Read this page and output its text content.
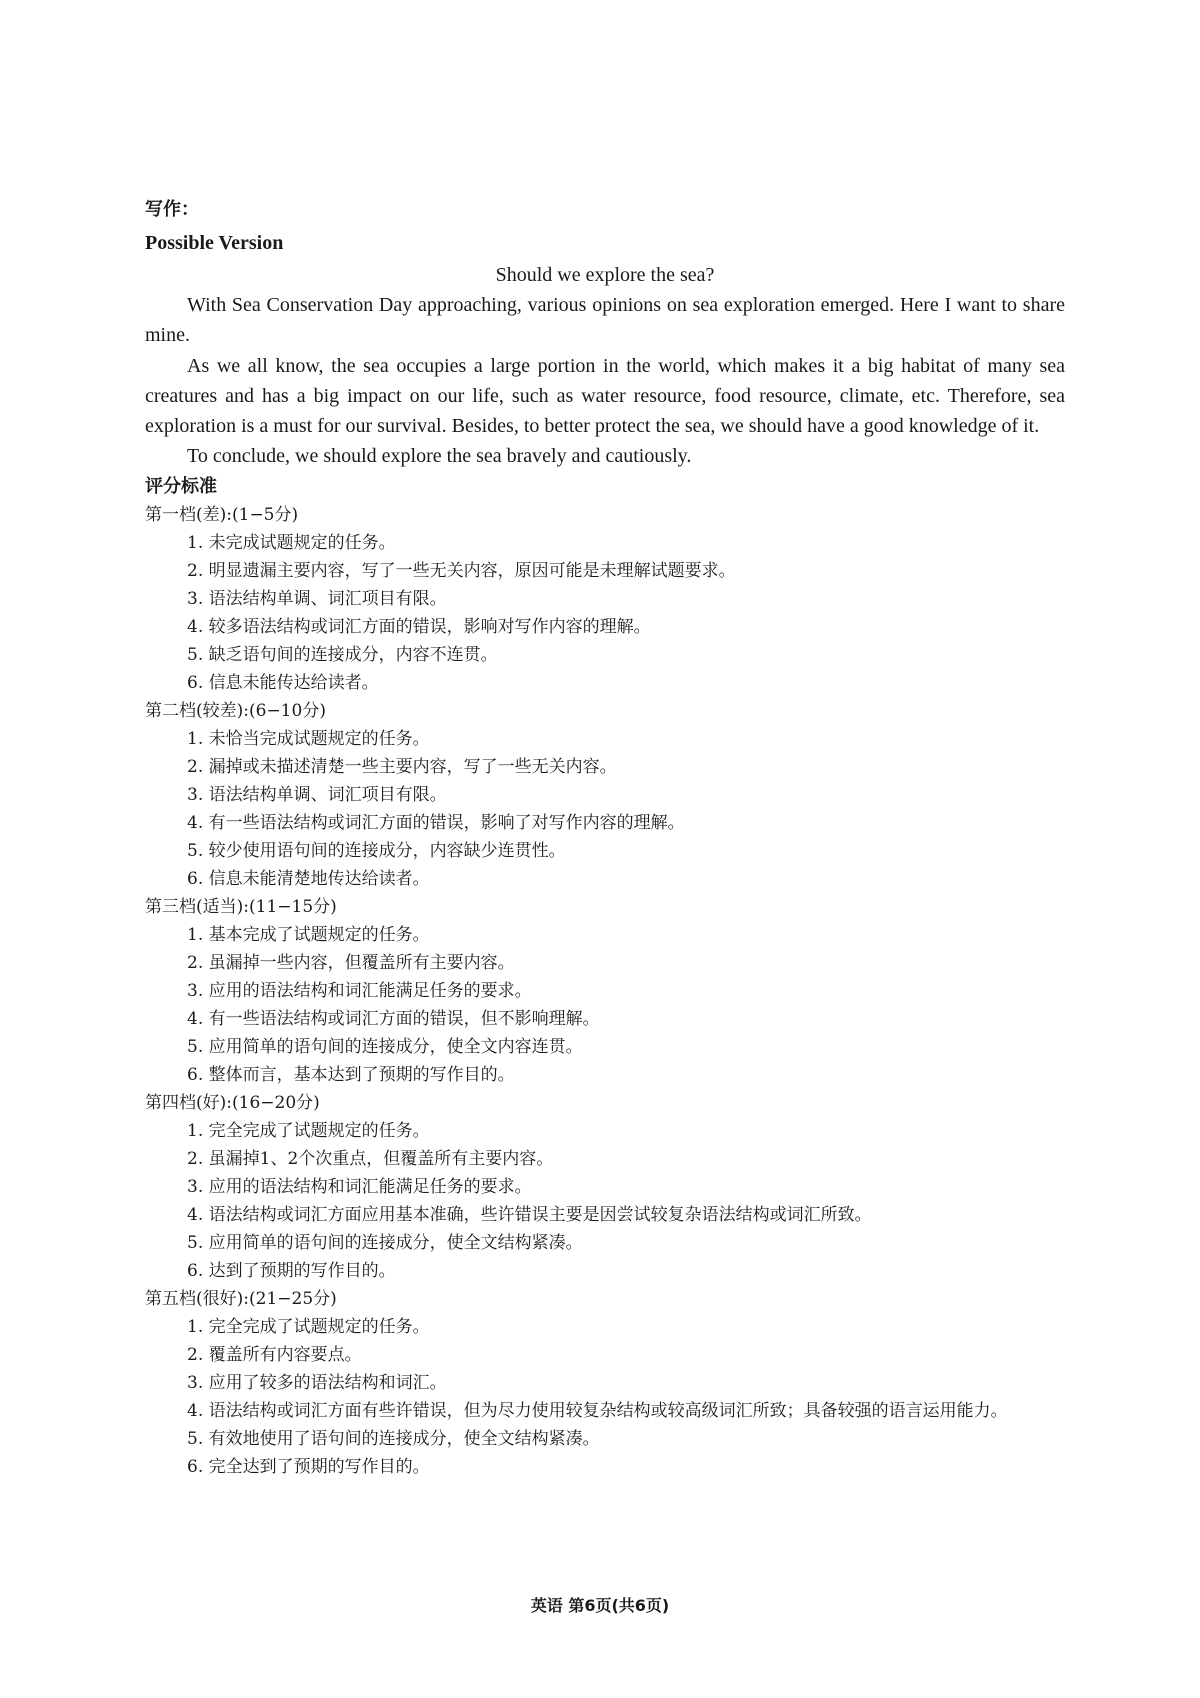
写作：
Possible Version
Should we explore the sea?

With Sea Conservation Day approaching, various opinions on sea exploration emerged. Here I want to share mine.

As we all know, the sea occupies a large portion in the world, which makes it a big habitat of many sea creatures and has a big impact on our life, such as water resource, food resource, climate, etc. Therefore, sea exploration is a must for our survival. Besides, to better protect the sea, we should have a good knowledge of it.

To conclude, we should explore the sea bravely and cautiously.

评分标准
第一档(差):(1−5分)
1. 未完成试题规定的任务。
2. 明显遗漏主要内容，写了一些无关内容，原因可能是未理解试题要求。
3. 语法结构单调、词汇项目有限。
4. 较多语法结构或词汇方面的错误，影响对写作内容的理解。
5. 缺乏语句间的连接成分，内容不连贯。
6. 信息未能传达给读者。
第二档(较差):(6−10分)
1. 未恰当完成试题规定的任务。
2. 漏掉或未描述清楚一些主要内容，写了一些无关内容。
3. 语法结构单调、词汇项目有限。
4. 有一些语法结构或词汇方面的错误，影响了对写作内容的理解。
5. 较少使用语句间的连接成分，内容缺少连贯性。
6. 信息未能清楚地传达给读者。
第三档(适当):(11−15分)
1. 基本完成了试题规定的任务。
2. 虽漏掉一些内容，但覆盖所有主要内容。
3. 应用的语法结构和词汇能满足任务的要求。
4. 有一些语法结构或词汇方面的错误，但不影响理解。
5. 应用简单的语句间的连接成分，使全文内容连贯。
6. 整体而言，基本达到了预期的写作目的。
第四档(好):(16−20分)
1. 完全完成了试题规定的任务。
2. 虽漏掉1、2个次重点，但覆盖所有主要内容。
3. 应用的语法结构和词汇能满足任务的要求。
4. 语法结构或词汇方面应用基本准确，些许错误主要是因尝试较复杂语法结构或词汇所致。
5. 应用简单的语句间的连接成分，使全文结构紧凑。
6. 达到了预期的写作目的。
第五档(很好):(21−25分)
1. 完全完成了试题规定的任务。
2. 覆盖所有内容要点。
3. 应用了较多的语法结构和词汇。
4. 语法结构或词汇方面有些许错误，但为尽力使用较复杂结构或较高级词汇所致；具备较强的语言运用能力。
5. 有效地使用了语句间的连接成分，使全文结构紧凑。
6. 完全达到了预期的写作目的。
英语 第6页(共6页)
